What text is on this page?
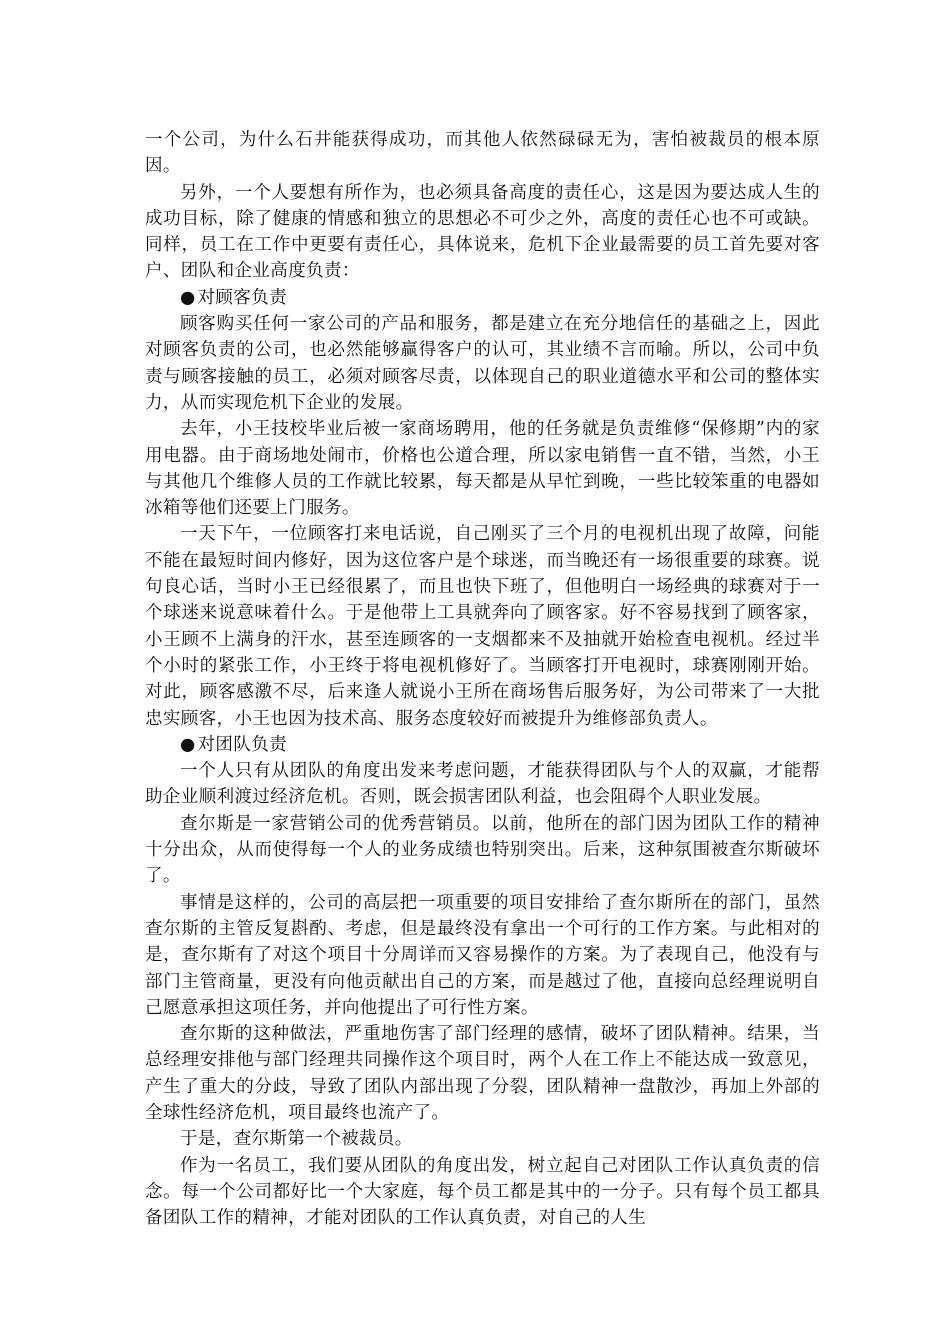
一个公司，为什么石井能获得成功，而其他人依然碌碌无为，害怕被裁员的根本原因。

另外，一个人要想有所作为，也必须具备高度的责任心，这是因为要达成人生的成功目标，除了健康的情感和独立的思想必不可少之外，高度的责任心也不可或缺。同样，员工在工作中更要有责任心，具体说来，危机下企业最需要的员工首先要对客户、团队和企业高度负责：

● 对顾客负责

顾客购买任何一家公司的产品和服务，都是建立在充分地信任的基础之上，因此对顾客负责的公司，也必然能够赢得客户的认可，其业绩不言而喻。所以，公司中负责与顾客接触的员工，必须对顾客尽责，以体现自己的职业道德水平和公司的整体实力，从而实现危机下企业的发展。

去年，小王技校毕业后被一家商场聘用，他的任务就是负责维修“保修期”内的家用电器。由于商场地处闹市，价格也公道合理，所以家电销售一直不错，当然，小王与其他几个维修人员的工作就比较累，每天都是从早忙到晚，一些比较笨重的电器如冰箱等他们还要上门服务。

一天下午，一位顾客打来电话说，自己刚买了三个月的电视机出现了故障，问能不能在最短时间内修好，因为这位客户是个球迷，而当晚还有一场很重要的球赛。说句良心话，当时小王已经很累了，而且也快下班了，但他明白一场经典的球赛对于一个球迷来说意味着什么。于是他带上工具就奔向了顾客家。好不容易找到了顾客家，小王顾不上满身的汗水，甚至连顾客的一支烟都来不及抽就开始检查电视机。经过半个小时的紧张工作，小王终于将电视机修好了。当顾客打开电视时，球赛刚刚开始。对此，顾客感激不尽，后来逢人就说小王所在商场售后服务好，为公司带来了一大批忠实顾客，小王也因为技术高、服务态度较好而被提升为维修部负责人。

● 对团队负责

一个人只有从团队的角度出发来考虑问题，才能获得团队与个人的双赢，才能帮助企业顺利渡过经济危机。否则，既会损害团队利益，也会阻碍个人职业发展。

查尔斯是一家营销公司的优秀营销员。以前，他所在的部门因为团队工作的精神十分出众，从而使得每一个人的业务成绩也特别突出。后来，这种氛围被查尔斯破坏了。

事情是这样的，公司的高层把一项重要的项目安排给了查尔斯所在的部门，虽然查尔斯的主管反复斟酌、考虑，但是最终没有拿出一个可行的工作方案。与此相对的是，查尔斯有了对这个项目十分周详而又容易操作的方案。为了表现自己，他没有与部门主管商量，更没有向他贡献出自己的方案，而是越过了他，直接向总经理说明自己愿意承担这项任务，并向他提出了可行性方案。

查尔斯的这种做法，严重地伤害了部门经理的感情，破坏了团队精神。结果，当总经理安排他与部门经理共同操作这个项目时，两个人在工作上不能达成一致意见，产生了重大的分歧，导致了团队内部出现了分裂，团队精神一盘散沙，再加上外部的全球性经济危机，项目最终也流产了。

于是，查尔斯第一个被裁员。

作为一名员工，我们要从团队的角度出发，树立起自己对团队工作认真负责的信念。每一个公司都好比一个大家庭，每个员工都是其中的一分子。只有每个员工都具备团队工作的精神，才能对团队的工作认真负责，对自己的人生
